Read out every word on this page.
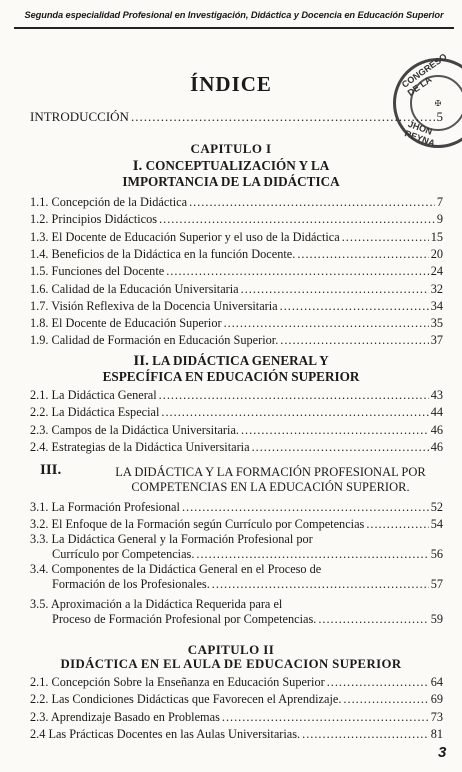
Segunda especialidad Profesional en Investigación, Didáctica y Docencia en Educación Superior
✠
CONGRESO DE LA
JHON REYNA
ÍNDICE
INTRODUCCIÓN .....	5
CAPITULO I
I. CONCEPTUALIZACIÓN Y LA
IMPORTANCIA DE LA DIDÁCTICA
1.1. Concepción de la Didáctica .....	7
1.2. Principios Didácticos .....	9
1.3. El Docente de Educación Superior y el uso de la Didáctica .....	15
1.4. Beneficios de la Didáctica en la función Docente. .....	20
1.5. Funciones del Docente .....	24
1.6. Calidad de la Educación Universitaria .....	32
1.7. Visión Reflexiva de la Docencia Universitaria .....	34
1.8. El Docente de Educación Superior .....	35
1.9. Calidad de Formación en Educación Superior. .....	37
II. LA DIDÁCTICA GENERAL Y
ESPECÍFICA EN EDUCACIÓN SUPERIOR
2.1. La Didáctica General .....	43
2.2. La Didáctica Especial .....	44
2.3. Campos de la Didáctica Universitaria. .....	46
2.4. Estrategias de la Didáctica Universitaria .....	46
III.	LA DIDÁCTICA Y LA FORMACIÓN PROFESIONAL POR
COMPETENCIAS EN LA EDUCACIÓN SUPERIOR.
3.1. La Formación Profesional .....	52
3.2. El Enfoque de la Formación según Currículo por Competencias .....	54
3.3. La Didáctica General y la Formación Profesional por
Currículo por Competencias. .....	56
3.4. Componentes de la Didáctica General en el Proceso de
Formación de los Profesionales. .....	57
3.5. Aproximación a la Didáctica Requerida para el
Proceso de Formación Profesional por Competencias. .....	59
CAPITULO II
DIDÁCTICA EN EL AULA DE EDUCACION SUPERIOR
2.1. Concepción Sobre la Enseñanza en Educación Superior .....	64
2.2. Las Condiciones Didácticas que Favorecen el Aprendizaje. .....	69
2.3. Aprendizaje Basado en Problemas .....	73
2.4 Las Prácticas Docentes en las Aulas Universitarias. .....	81
3
